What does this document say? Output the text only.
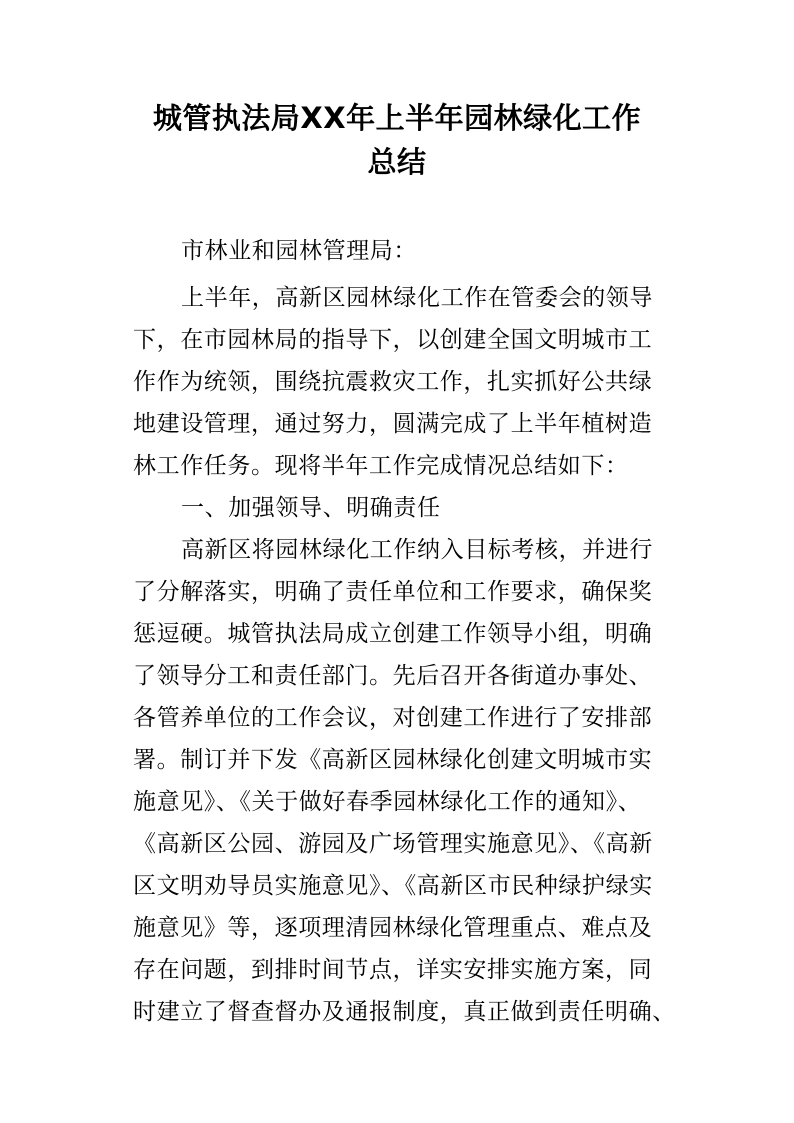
城管执法局XX年上半年园林绿化工作
总结
市林业和园林管理局：
上半年，高新区园林绿化工作在管委会的领导
下，在市园林局的指导下，以创建全国文明城市工
作作为统领，围绕抗震救灾工作，扎实抓好公共绿
地建设管理，通过努力，圆满完成了上半年植树造
林工作任务。现将半年工作完成情况总结如下：
一、加强领导、明确责任
高新区将园林绿化工作纳入目标考核，并进行
了分解落实，明确了责任单位和工作要求，确保奖
惩逗硬。城管执法局成立创建工作领导小组，明确
了领导分工和责任部门。先后召开各街道办事处、
各管养单位的工作会议，对创建工作进行了安排部
署。制订并下发《高新区园林绿化创建文明城市实
施意见》、《关于做好春季园林绿化工作的通知》、
《高新区公园、游园及广场管理实施意见》、《高新
区文明劝导员实施意见》、《高新区市民种绿护绿实
施意见》等，逐项理清园林绿化管理重点、难点及
存在问题，到排时间节点，详实安排实施方案，同
时建立了督查督办及通报制度，真正做到责任明确、
